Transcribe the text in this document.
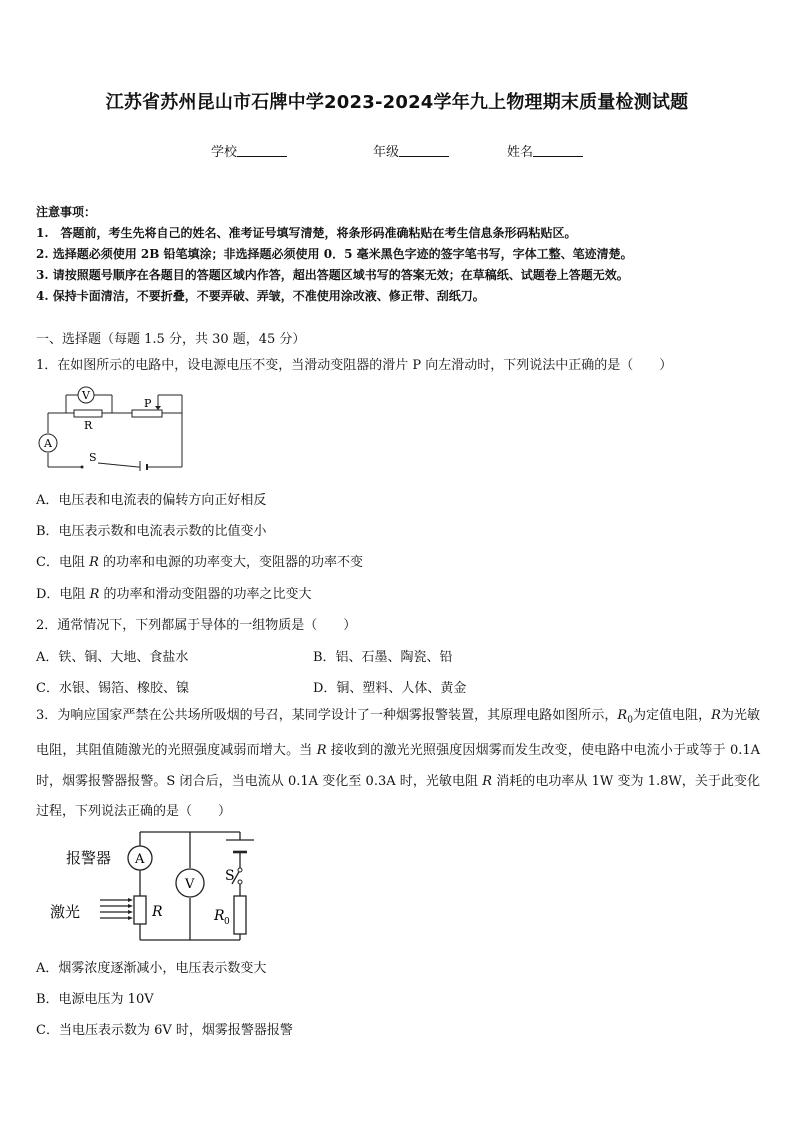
江苏省苏州昆山市石牌中学2023-2024学年九上物理期末质量检测试题
学校	年级	姓名
注意事项：
1.　答题前，考生先将自己的姓名、准考证号填写清楚，将条形码准确粘贴在考生信息条形码粘贴区。
2. 选择题必须使用 2B 铅笔填涂；非选择题必须使用 0．5 毫米黑色字迹的签字笔书写，字体工整、笔迹清楚。
3. 请按照题号顺序在各题目的答题区域内作答，超出答题区域书写的答案无效；在草稿纸、试题卷上答题无效。
4. 保持卡面清洁，不要折叠，不要弄破、弄皱，不准使用涂改液、修正带、刮纸刀。
一、选择题（每题 1.5 分，共 30 题，45 分）
1．在如图所示的电路中，设电源电压不变，当滑动变阻器的滑片 P 向左滑动时，下列说法中正确的是（　　）
V
A
R
P
S
A．电压表和电流表的偏转方向正好相反
B．电压表示数和电流表示数的比值变小
C．电阻 R 的功率和电源的功率变大，变阻器的功率不变
D．电阻 R 的功率和滑动变阻器的功率之比变大
2．通常情况下，下列都属于导体的一组物质是（　　）
A．铁、铜、大地、食盐水	B．铝、石墨、陶瓷、铅
C．水银、锡箔、橡胶、镍	D．铜、塑料、人体、黄金
3．为响应国家严禁在公共场所吸烟的号召，某同学设计了一种烟雾报警装置，其原理电路如图所示，$R_0$为定值电阻，R为光敏电阻，其阻值随激光的光照强度减弱而增大。当 R 接收到的激光光照强度因烟雾而发生改变，使电路中电流小于或等于 0.1A 时，烟雾报警器报警。S 闭合后，当电流从 0.1A 变化至 0.3A 时，光敏电阻 R 消耗的电功率从 1W 变为 1.8W，关于此变化过程，下列说法正确的是（　　）
报警器
激光
A
V
R	R 0
S
A．烟雾浓度逐渐减小，电压表示数变大
B．电源电压为 10V
C．当电压表示数为 6V 时，烟雾报警器报警
